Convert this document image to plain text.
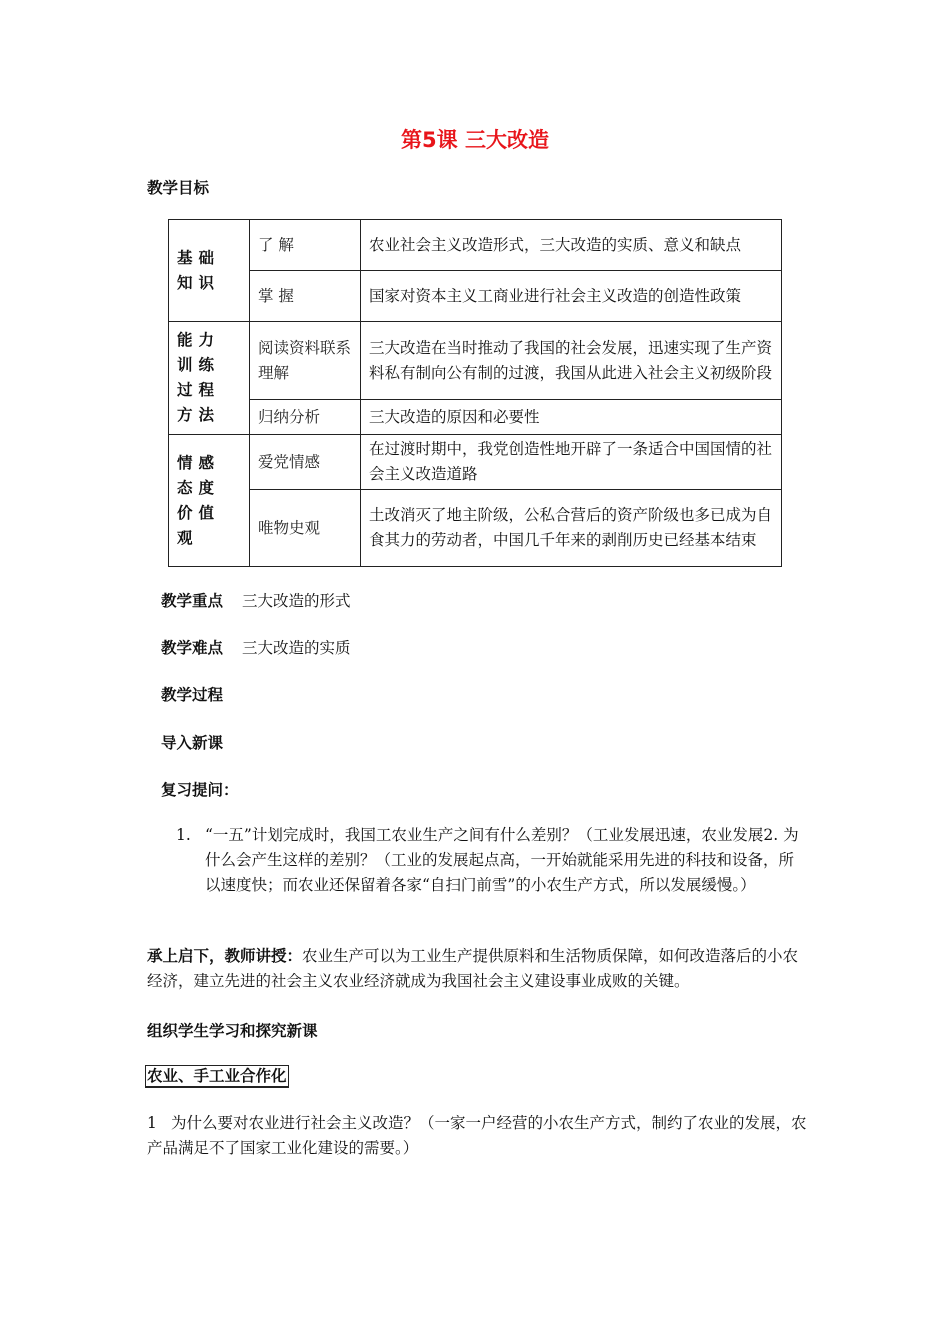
第5课 三大改造
教学目标
基础知识	了 解	农业社会主义改造形式，三大改造的实质、意义和缺点
	掌 握	国家对资本主义工商业进行社会主义改造的创造性政策
能力训练过程方法	阅读资料联系理解	三大改造在当时推动了我国的社会发展，迅速实现了生产资料私有制向公有制的过渡，我国从此进入社会主义初级阶段
	归纳分析	三大改造的原因和必要性
情感态度价值观	爱党情感	在过渡时期中，我党创造性地开辟了一条适合中国国情的社会主义改造道路
	唯物史观	土改消灭了地主阶级，公私合营后的资产阶级也多已成为自食其力的劳动者，中国几千年来的剥削历史已经基本结束
教学重点 三大改造的形式
教学难点 三大改造的实质
教学过程
导入新课
复习提问：
1. “一五”计划完成时，我国工农业生产之间有什么差别？（工业发展迅速，农业发展2. 为什么会产生这样的差别？（工业的发展起点高，一开始就能采用先进的科技和设备，所以速度快；而农业还保留着各家“自扫门前雪”的小农生产方式，所以发展缓慢。）
承上启下，教师讲授：农业生产可以为工业生产提供原料和生活物质保障，如何改造落后的小农经济，建立先进的社会主义农业经济就成为我国社会主义建设事业成败的关键。
组织学生学习和探究新课
农业、手工业合作化
1 为什么要对农业进行社会主义改造？（一家一户经营的小农生产方式，制约了农业的发展，农产品满足不了国家工业化建设的需要。）
